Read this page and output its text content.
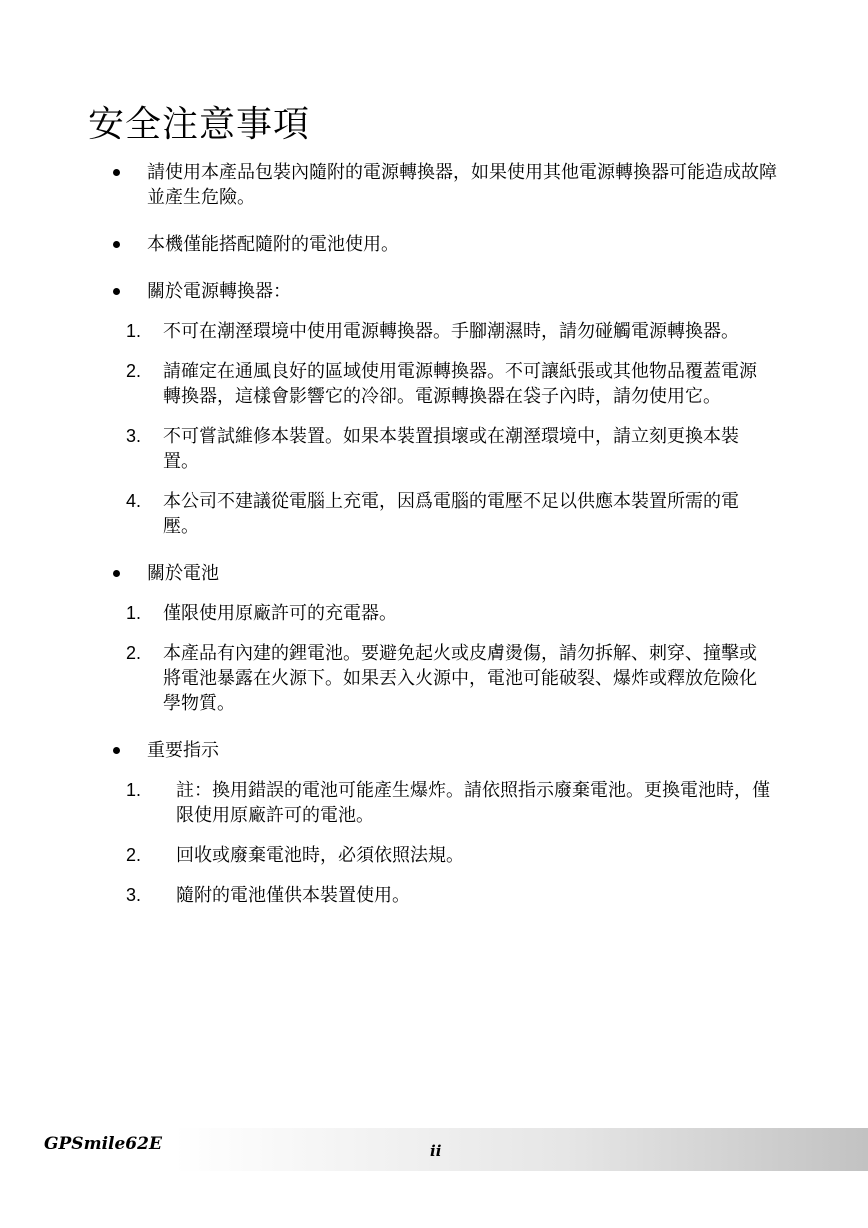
安全注意事項
請使用本產品包裝內隨附的電源轉換器，如果使用其他電源轉換器可能造成故障並產生危險。
本機僅能搭配隨附的電池使用。
關於電源轉換器：
1. 不可在潮溼環境中使用電源轉換器。手腳潮濕時，請勿碰觸電源轉換器。
2. 請確定在通風良好的區域使用電源轉換器。不可讓紙張或其他物品覆蓋電源轉換器，這樣會影響它的冷卻。電源轉換器在袋子內時，請勿使用它。
3. 不可嘗試維修本裝置。如果本裝置損壞或在潮溼環境中，請立刻更換本裝置。
4. 本公司不建議從電腦上充電，因爲電腦的電壓不足以供應本裝置所需的電壓。
關於電池
1. 僅限使用原廠許可的充電器。
2. 本產品有內建的鋰電池。要避免起火或皮膚燙傷，請勿拆解、刺穿、撞擊或將電池暴露在火源下。如果丟入火源中，電池可能破裂、爆炸或釋放危險化學物質。
重要指示
1. 註：換用錯誤的電池可能產生爆炸。請依照指示廢棄電池。更換電池時，僅限使用原廠許可的電池。
2. 回收或廢棄電池時，必須依照法規。
3. 隨附的電池僅供本裝置使用。
GPSmile62E	ii
